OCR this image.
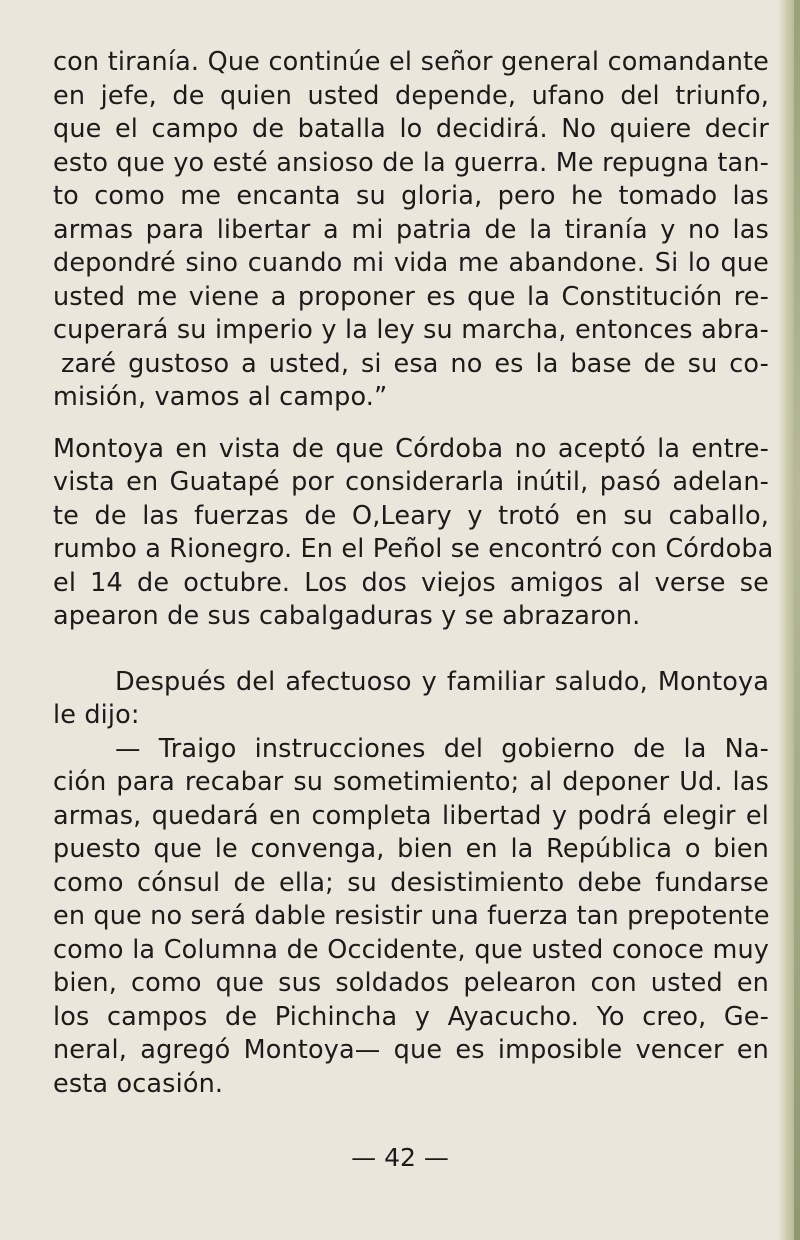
con tiranía. Que continúe el señor general comandante
en jefe, de quien usted depende, ufano del triunfo,
que el campo de batalla lo decidirá. No quiere decir
esto que yo esté ansioso de la guerra. Me repugna tan-
to como me encanta su gloria, pero he tomado las
armas para libertar a mi patria de la tiranía y no las
depondré sino cuando mi vida me abandone. Si lo que
usted me viene a proponer es que la Constitución re-
cuperará su imperio y la ley su marcha, entonces abra-
zaré gustoso a usted, si esa no es la base de su co-
misión, vamos al campo.”
Montoya en vista de que Córdoba no aceptó la entre-
vista en Guatapé por considerarla inútil, pasó adelan-
te de las fuerzas de O,Leary y trotó en su caballo,
rumbo a Rionegro. En el Peñol se encontró con Córdoba
el 14 de octubre. Los dos viejos amigos al verse se
apearon de sus cabalgaduras y se abrazaron.
Después del afectuoso y familiar saludo, Montoya
le dijo:
— Traigo instrucciones del gobierno de la Na-
ción para recabar su sometimiento; al deponer Ud. las
armas, quedará en completa libertad y podrá elegir el
puesto que le convenga, bien en la República o bien
como cónsul de ella; su desistimiento debe fundarse
en que no será dable resistir una fuerza tan prepotente
como la Columna de Occidente, que usted conoce muy
bien, como que sus soldados pelearon con usted en
los campos de Pichincha y Ayacucho. Yo creo, Ge-
neral, agregó Montoya— que es imposible vencer en
esta ocasión.
— 42 —
